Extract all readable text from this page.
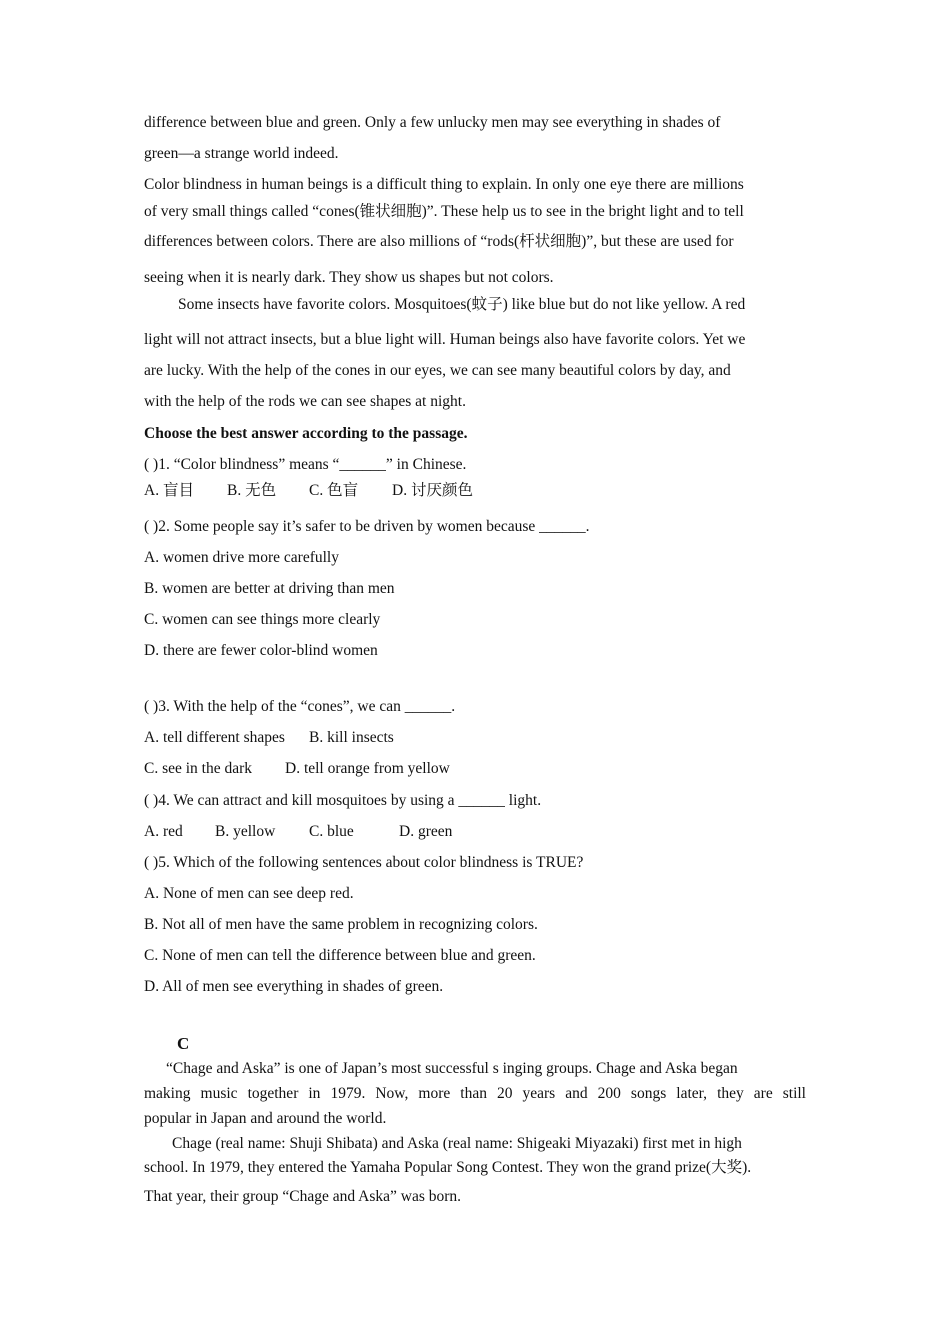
difference between blue and green. Only a few unlucky men may see everything in shades of
green—a strange world indeed.
Color blindness in human beings is a difficult thing to explain. In only one eye there are millions
of very small things called “cones(锥状细胞)”. These help us to see in the bright light and to tell
differences between colors. There are also millions of “rods(杆状细胞)”, but these are used for
seeing when it is nearly dark. They show us shapes but not colors.
Some insects have favorite colors. Mosquitoes(蚊子) like blue but do not like yellow. A red
light will not attract insects, but a blue light will. Human beings also have favorite colors. Yet we
are lucky. With the help of the cones in our eyes, we can see many beautiful colors by day, and
with the help of the rods we can see shapes at night.
Choose the best answer according to the passage.
( )1. “Color blindness” means “______” in Chinese.
A. 盲目 B. 无色 C. 色盲 D. 讨厌颜色
( )2. Some people say it’s safer to be driven by women because ______.
A. women drive more carefully
B. women are better at driving than men
C. women can see things more clearly
D. there are fewer color-blind women
( )3. With the help of the “cones”, we can ______.
A. tell different shapes B. kill insects
C. see in the dark D. tell orange from yellow
( )4. We can attract and kill mosquitoes by using a ______ light.
A. red B. yellow C. blue	D. green
( )5. Which of the following sentences about color blindness is TRUE?
A. None of men can see deep red.
B. Not all of men have the same problem in recognizing colors.
C. None of men can tell the difference between blue and green.
D. All of men see everything in shades of green.
C
“Chage and Aska” is one of Japan’s most successful s inging groups. Chage and Aska began
making music together in 1979. Now, more than 20 years and 200 songs later, they are still
popular in Japan and around the world.
Chage (real name: Shuji Shibata) and Aska (real name: Shigeaki Miyazaki) first met in high
school. In 1979, they entered the Yamaha Popular Song Contest. They won the grand prize(大奖).
That year, their group “Chage and Aska” was born.
